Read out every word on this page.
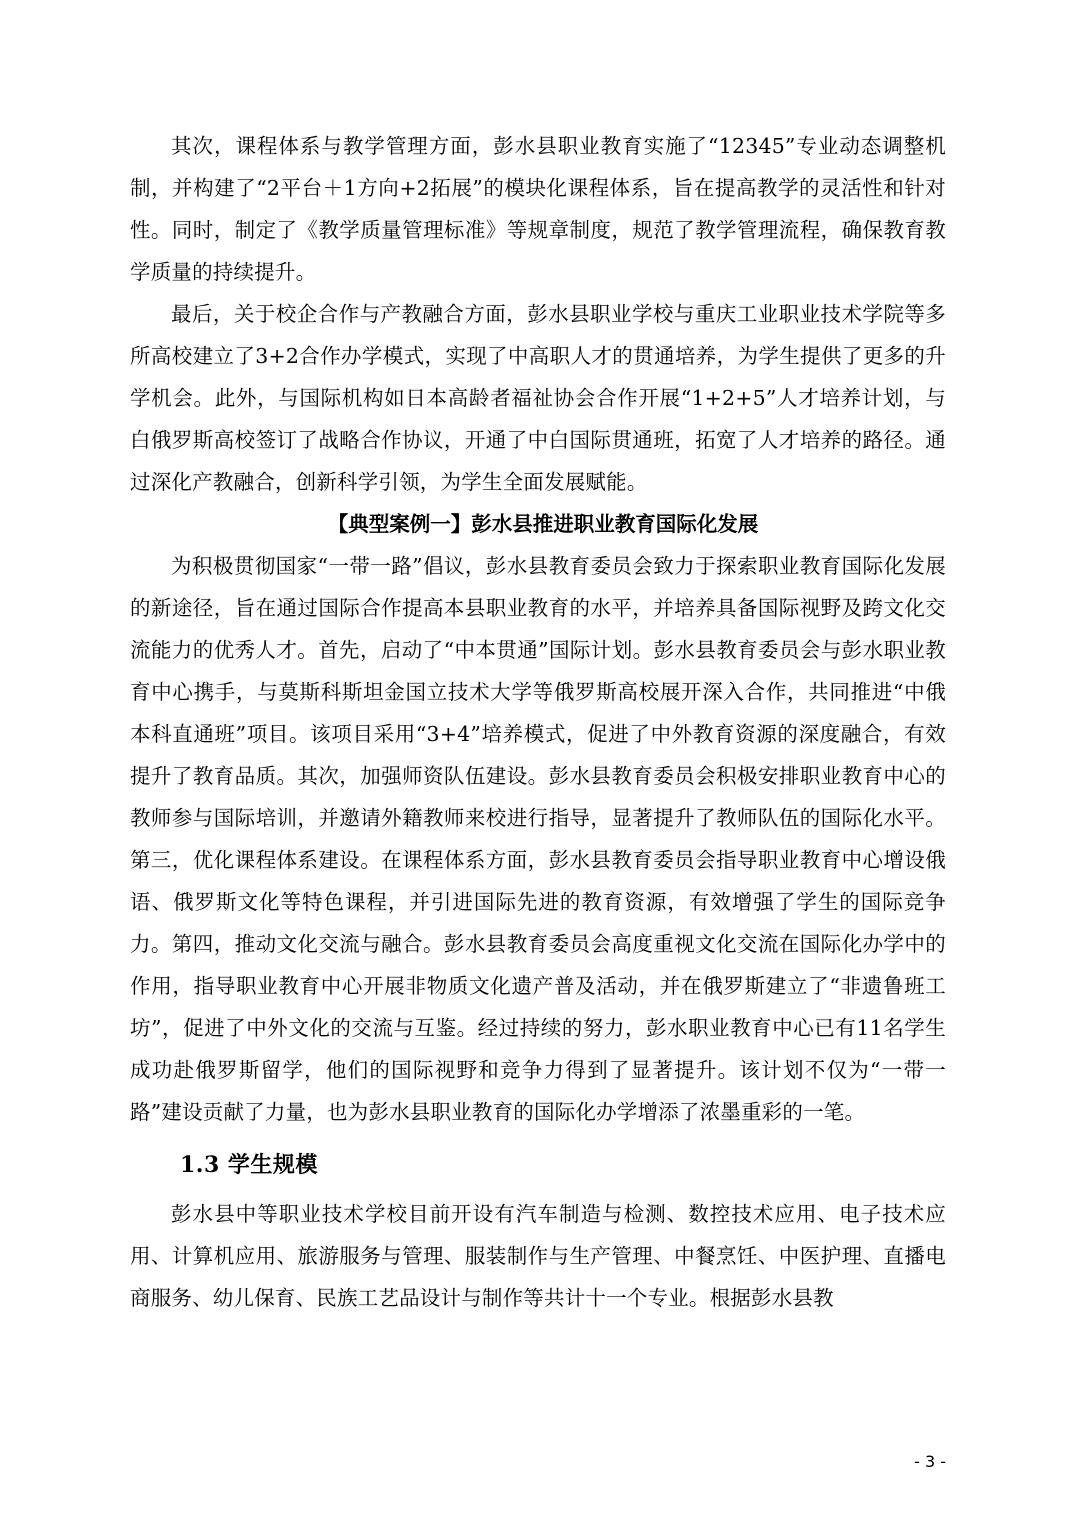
其次，课程体系与教学管理方面，彭水县职业教育实施了“12345”专业动态调整机制，并构建了“2平台＋1方向+2拓展”的模块化课程体系，旨在提高教学的灵活性和针对性。同时，制定了《教学质量管理标准》等规章制度，规范了教学管理流程，确保教育教学质量的持续提升。

最后，关于校企合作与产教融合方面，彭水县职业学校与重庆工业职业技术学院等多所高校建立了3+2合作办学模式，实现了中高职人才的贯通培养，为学生提供了更多的升学机会。此外，与国际机构如日本高龄者福祉协会合作开展“1+2+5”人才培养计划，与白俄罗斯高校签订了战略合作协议，开通了中白国际贯通班，拓宽了人才培养的路径。通过深化产教融合，创新科学引领，为学生全面发展赋能。

【典型案例一】彭水县推进职业教育国际化发展

为积极贯彻国家“一带一路”倡议，彭水县教育委员会致力于探索职业教育国际化发展的新途径，旨在通过国际合作提高本县职业教育的水平，并培养具备国际视野及跨文化交流能力的优秀人才。首先，启动了“中本贯通”国际计划。彭水县教育委员会与彭水职业教育中心携手，与莫斯科斯坦金国立技术大学等俄罗斯高校展开深入合作，共同推进“中俄本科直通班”项目。该项目采用“3+4”培养模式，促进了中外教育资源的深度融合，有效提升了教育品质。其次，加强师资队伍建设。彭水县教育委员会积极安排职业教育中心的教师参与国际培训，并邀请外籍教师来校进行指导，显著提升了教师队伍的国际化水平。第三，优化课程体系建设。在课程体系方面，彭水县教育委员会指导职业教育中心增设俄语、俄罗斯文化等特色课程，并引进国际先进的教育资源，有效增强了学生的国际竞争力。第四，推动文化交流与融合。彭水县教育委员会高度重视文化交流在国际化办学中的作用，指导职业教育中心开展非物质文化遗产普及活动，并在俄罗斯建立了“非遗鲁班工坊”，促进了中外文化的交流与互鉴。经过持续的努力，彭水职业教育中心已有11名学生成功赴俄罗斯留学，他们的国际视野和竞争力得到了显著提升。该计划不仅为“一带一路”建设贡献了力量，也为彭水县职业教育的国际化办学增添了浓墨重彩的一笔。

1.3 学生规模

彭水县中等职业技术学校目前开设有汽车制造与检测、数控技术应用、电子技术应用、计算机应用、旅游服务与管理、服装制作与生产管理、中餐烹饪、中医护理、直播电商服务、幼儿保育、民族工艺品设计与制作等共计十一个专业。根据彭水县教

- 3 -
